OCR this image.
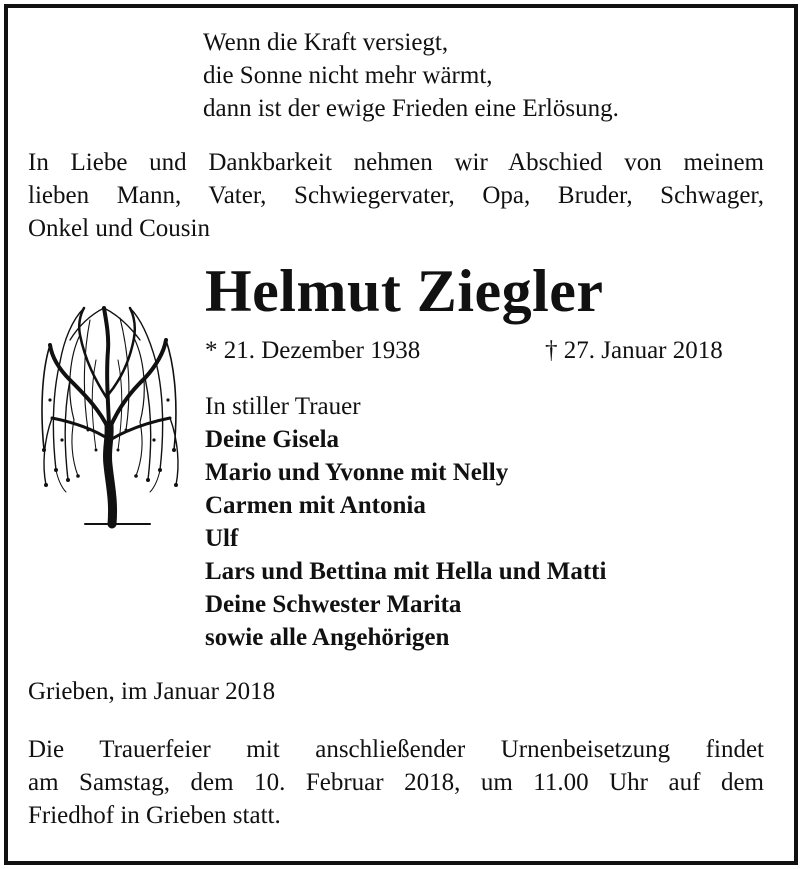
Wenn die Kraft versiegt,
die Sonne nicht mehr wärmt,
dann ist der ewige Frieden eine Erlösung.
In Liebe und Dankbarkeit nehmen wir Abschied von meinem
lieben Mann, Vater, Schwiegervater, Opa, Bruder, Schwager,
Onkel und Cousin
Helmut Ziegler
* 21. Dezember 1938	† 27. Januar 2018
In stiller Trauer
Deine Gisela
Mario und Yvonne mit Nelly
Carmen mit Antonia
Ulf
Lars und Bettina mit Hella und Matti
Deine Schwester Marita
sowie alle Angehörigen
Grieben, im Januar 2018
Die Trauerfeier mit anschließender Urnenbeisetzung findet
am Samstag, dem 10. Februar 2018, um 11.00 Uhr auf dem
Friedhof in Grieben statt.
